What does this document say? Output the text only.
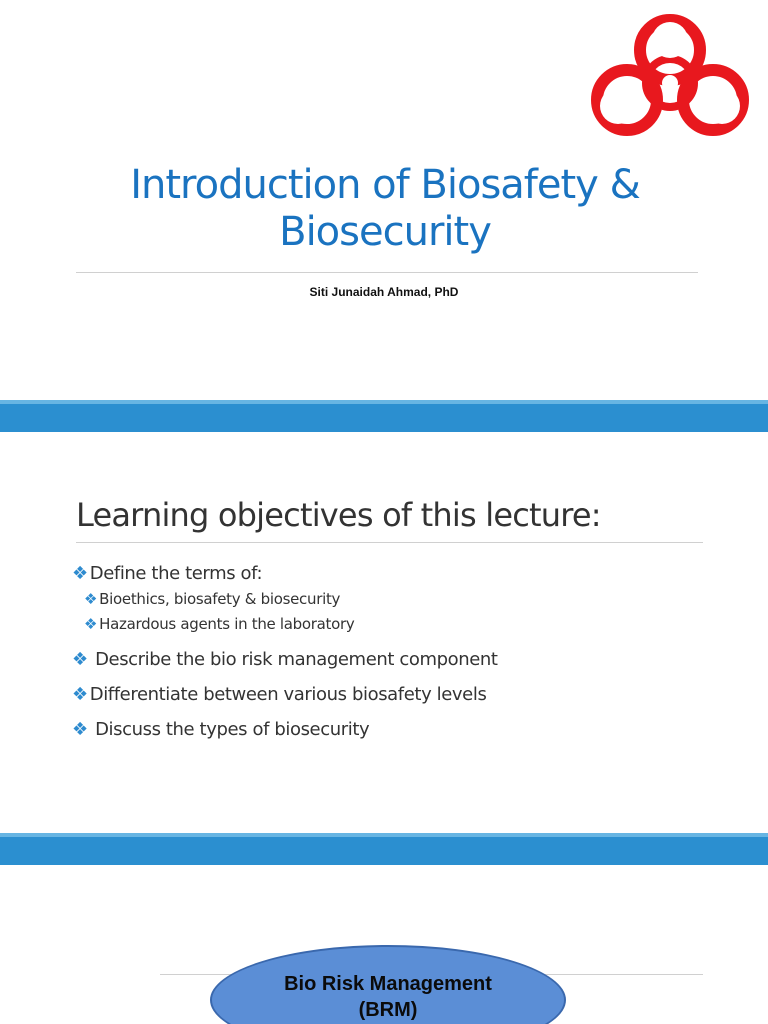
Introduction of Biosafety &
Biosecurity
Siti Junaidah Ahmad, PhD
Learning objectives of this lecture:
❖ Define the terms of:
❖ Bioethics, biosafety & biosecurity
❖ Hazardous agents in the laboratory
❖ Describe the bio risk management component
❖ Differentiate between various biosafety levels
❖ Discuss the types of biosecurity
Bio Risk Management
(BRM)
